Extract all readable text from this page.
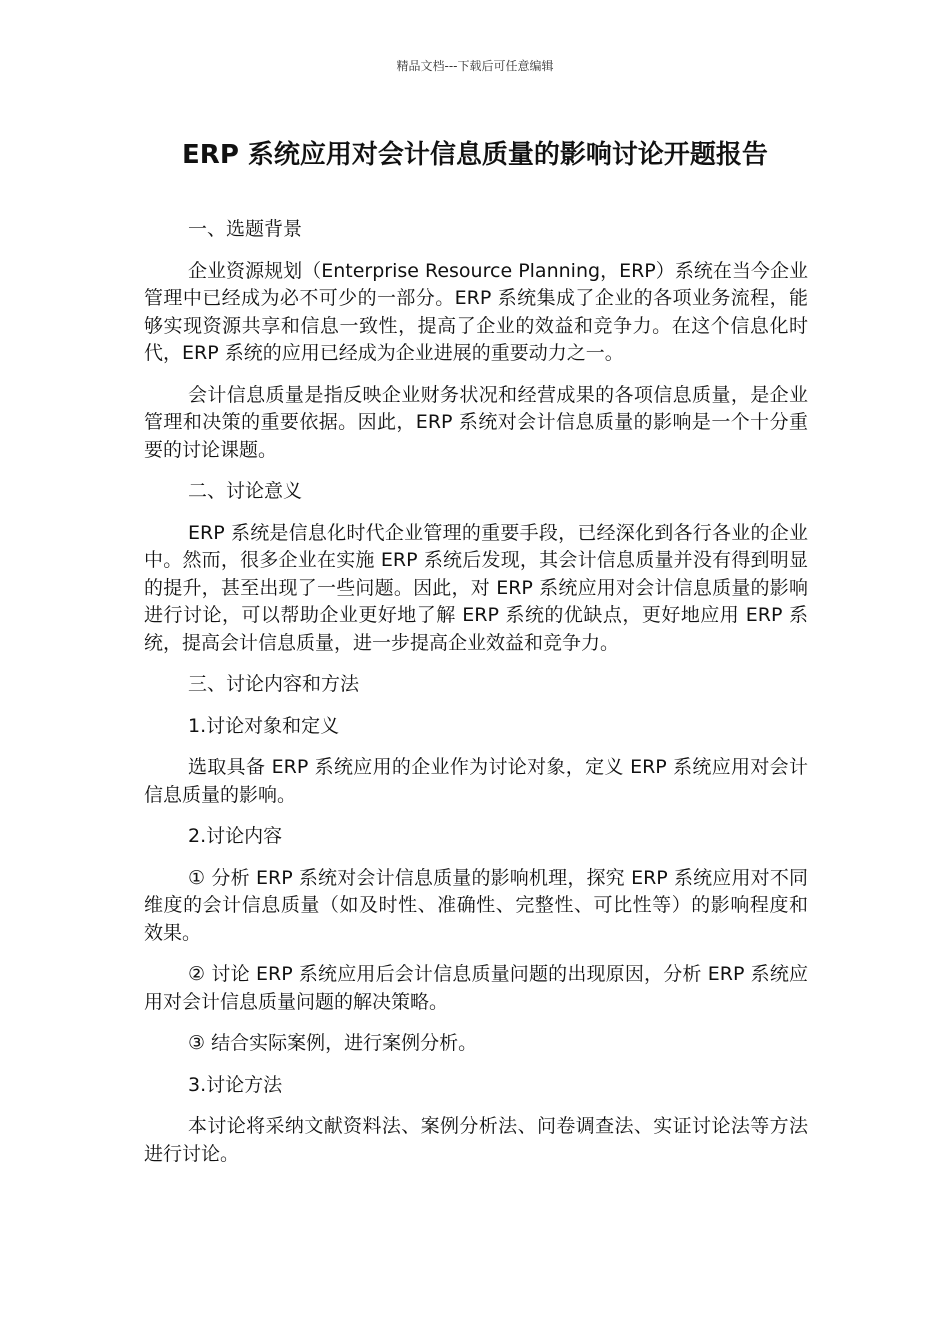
精品文档---下载后可任意编辑
ERP 系统应用对会计信息质量的影响讨论开题报告

一、选题背景

企业资源规划（Enterprise Resource Planning，ERP）系统在当今企业管理中已经成为必不可少的一部分。ERP 系统集成了企业的各项业务流程，能够实现资源共享和信息一致性，提高了企业的效益和竞争力。在这个信息化时代，ERP 系统的应用已经成为企业进展的重要动力之一。

会计信息质量是指反映企业财务状况和经营成果的各项信息质量，是企业管理和决策的重要依据。因此，ERP 系统对会计信息质量的影响是一个十分重要的讨论课题。

二、讨论意义

ERP 系统是信息化时代企业管理的重要手段，已经深化到各行各业的企业中。然而，很多企业在实施 ERP 系统后发现，其会计信息质量并没有得到明显的提升，甚至出现了一些问题。因此，对 ERP 系统应用对会计信息质量的影响进行讨论，可以帮助企业更好地了解 ERP 系统的优缺点，更好地应用 ERP 系统，提高会计信息质量，进一步提高企业效益和竞争力。

三、讨论内容和方法

1.讨论对象和定义

选取具备 ERP 系统应用的企业作为讨论对象，定义 ERP 系统应用对会计信息质量的影响。

2.讨论内容

① 分析 ERP 系统对会计信息质量的影响机理，探究 ERP 系统应用对不同维度的会计信息质量（如及时性、准确性、完整性、可比性等）的影响程度和效果。

② 讨论 ERP 系统应用后会计信息质量问题的出现原因，分析 ERP 系统应用对会计信息质量问题的解决策略。

③ 结合实际案例，进行案例分析。

3.讨论方法

本讨论将采纳文献资料法、案例分析法、问卷调查法、实证讨论法等方法进行讨论。
